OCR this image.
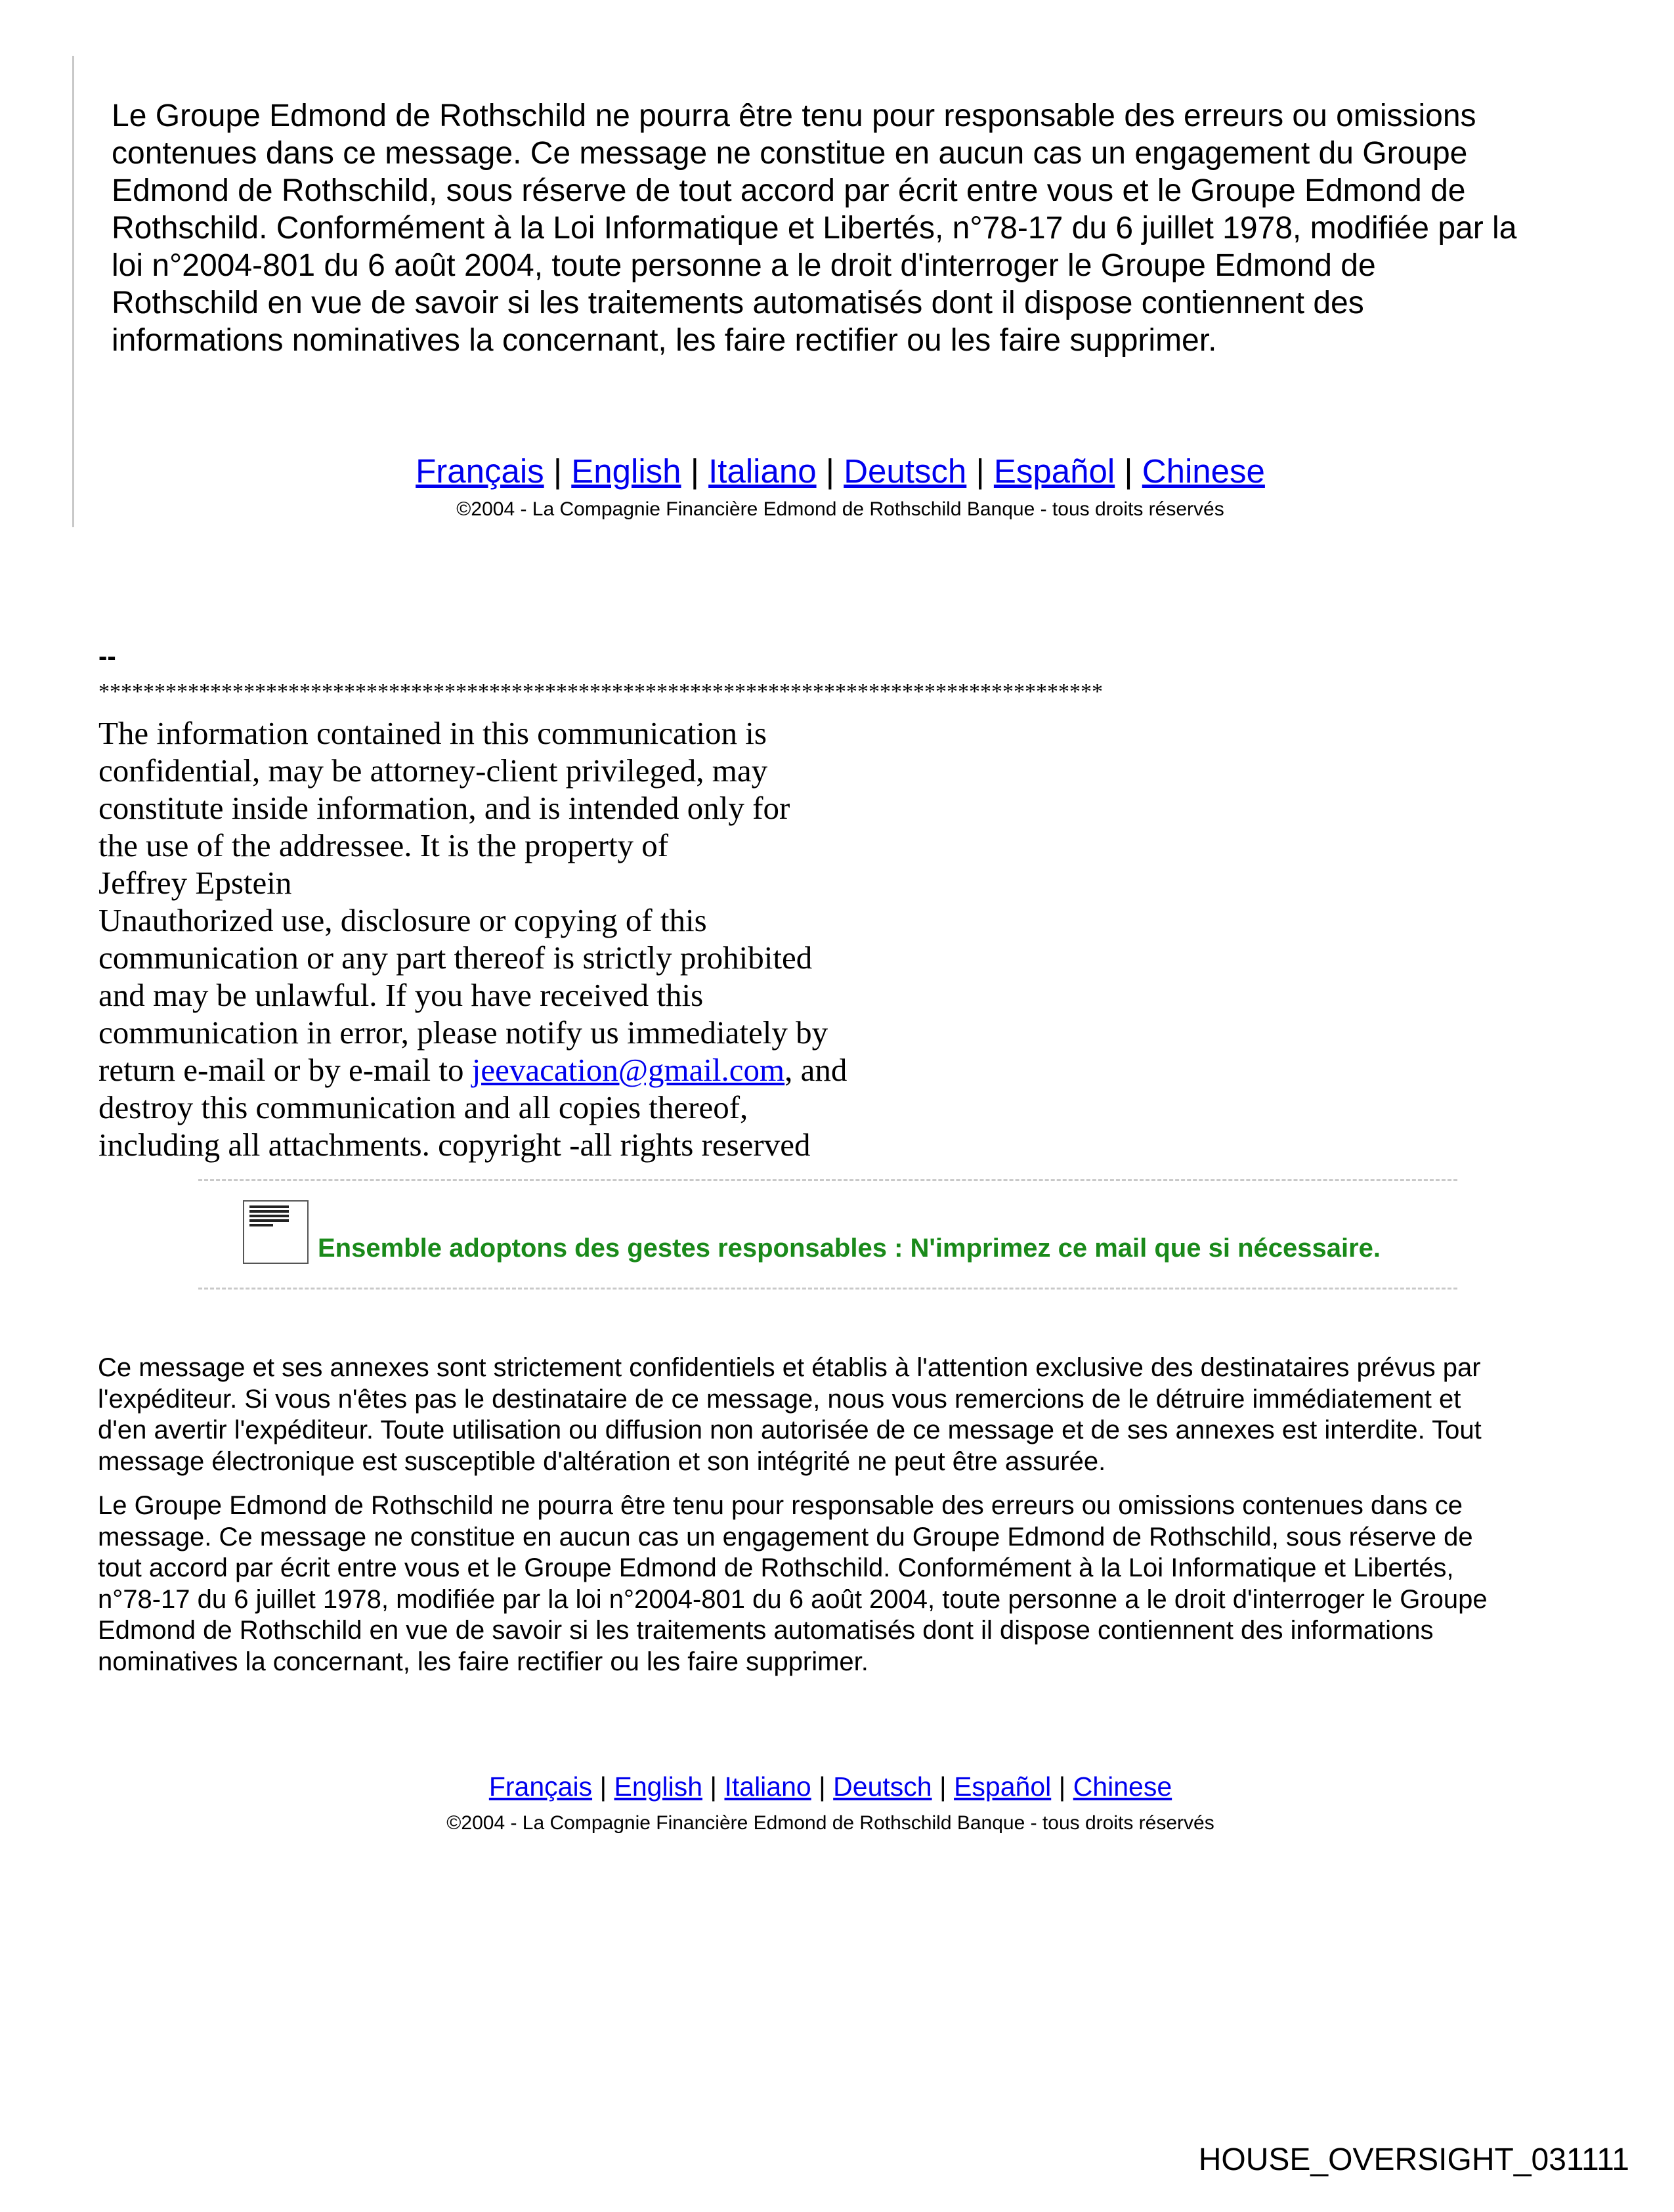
Le Groupe Edmond de Rothschild ne pourra être tenu pour responsable des erreurs ou omissions
contenues dans ce message. Ce message ne constitue en aucun cas un engagement du Groupe
Edmond de Rothschild, sous réserve de tout accord par écrit entre vous et le Groupe Edmond de
Rothschild. Conformément à la Loi Informatique et Libertés, n°78-17 du 6 juillet 1978, modifiée par la
loi n°2004-801 du 6 août 2004, toute personne a le droit d'interroger le Groupe Edmond de
Rothschild en vue de savoir si les traitements automatisés dont il dispose contiennent des
informations nominatives la concernant, les faire rectifier ou les faire supprimer.
Français | English | Italiano | Deutsch | Español | Chinese
©2004 - La Compagnie Financière Edmond de Rothschild Banque - tous droits réservés
--
******************************************************************************************
The information contained in this communication is
confidential, may be attorney-client privileged, may
constitute inside information, and is intended only for
the use of the addressee. It is the property of
Jeffrey Epstein
Unauthorized use, disclosure or copying of this
communication or any part thereof is strictly prohibited
and may be unlawful. If you have received this
communication in error, please notify us immediately by
return e-mail or by e-mail to jeevacation@gmail.com, and
destroy this communication and all copies thereof,
including all attachments. copyright -all rights reserved
Ensemble adoptons des gestes responsables : N'imprimez ce mail que si nécessaire.
Ce message et ses annexes sont strictement confidentiels et établis à l'attention exclusive des destinataires prévus par
l'expéditeur. Si vous n'êtes pas le destinataire de ce message, nous vous remercions de le détruire immédiatement et
d'en avertir l'expéditeur. Toute utilisation ou diffusion non autorisée de ce message et de ses annexes est interdite. Tout
message électronique est susceptible d'altération et son intégrité ne peut être assurée.
Le Groupe Edmond de Rothschild ne pourra être tenu pour responsable des erreurs ou omissions contenues dans ce
message. Ce message ne constitue en aucun cas un engagement du Groupe Edmond de Rothschild, sous réserve de
tout accord par écrit entre vous et le Groupe Edmond de Rothschild. Conformément à la Loi Informatique et Libertés,
n°78-17 du 6 juillet 1978, modifiée par la loi n°2004-801 du 6 août 2004, toute personne a le droit d'interroger le Groupe
Edmond de Rothschild en vue de savoir si les traitements automatisés dont il dispose contiennent des informations
nominatives la concernant, les faire rectifier ou les faire supprimer.
Français | English | Italiano | Deutsch | Español | Chinese
©2004 - La Compagnie Financière Edmond de Rothschild Banque - tous droits réservés
HOUSE_OVERSIGHT_031111
